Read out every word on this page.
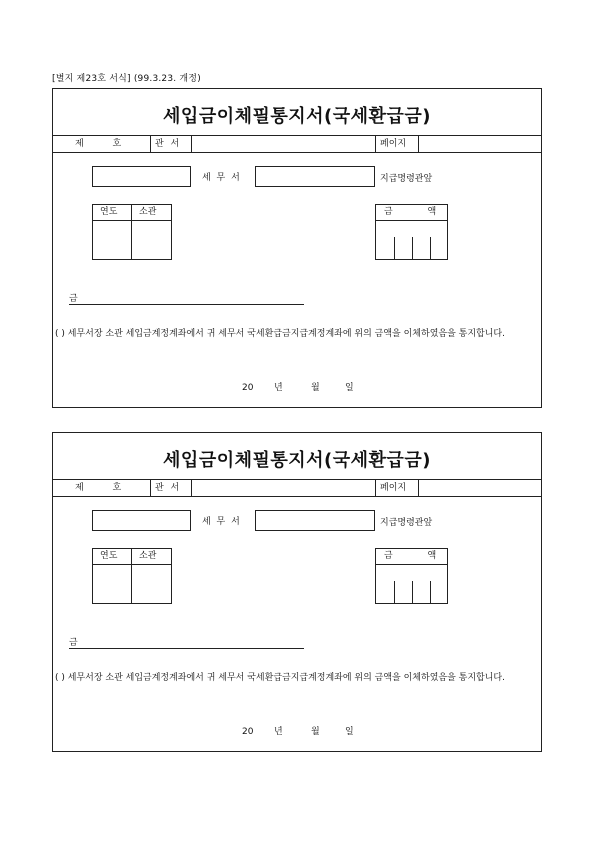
[별지 제23호 서식] (99.3.23. 개정)
세입금이체필통지서(국세환급금)
제 호	관 서	페이지
세 무 서	지급명령관앞
연도 소관	금 액
금
( ) 세무서장 소관 세입금계정계좌에서 귀 세무서 국세환급금지급계정계좌에 위의 금액을 이체하였음을 통지합니다.
20 년	월	일
세입금이체필통지서(국세환급금)
제 호	관 서	페이지
세 무 서	지급명령관앞
연도 소관	금 액
금
( ) 세무서장 소관 세입금계정계좌에서 귀 세무서 국세환급금지급계정계좌에 위의 금액을 이체하였음을 통지합니다.
20 년	월	일
